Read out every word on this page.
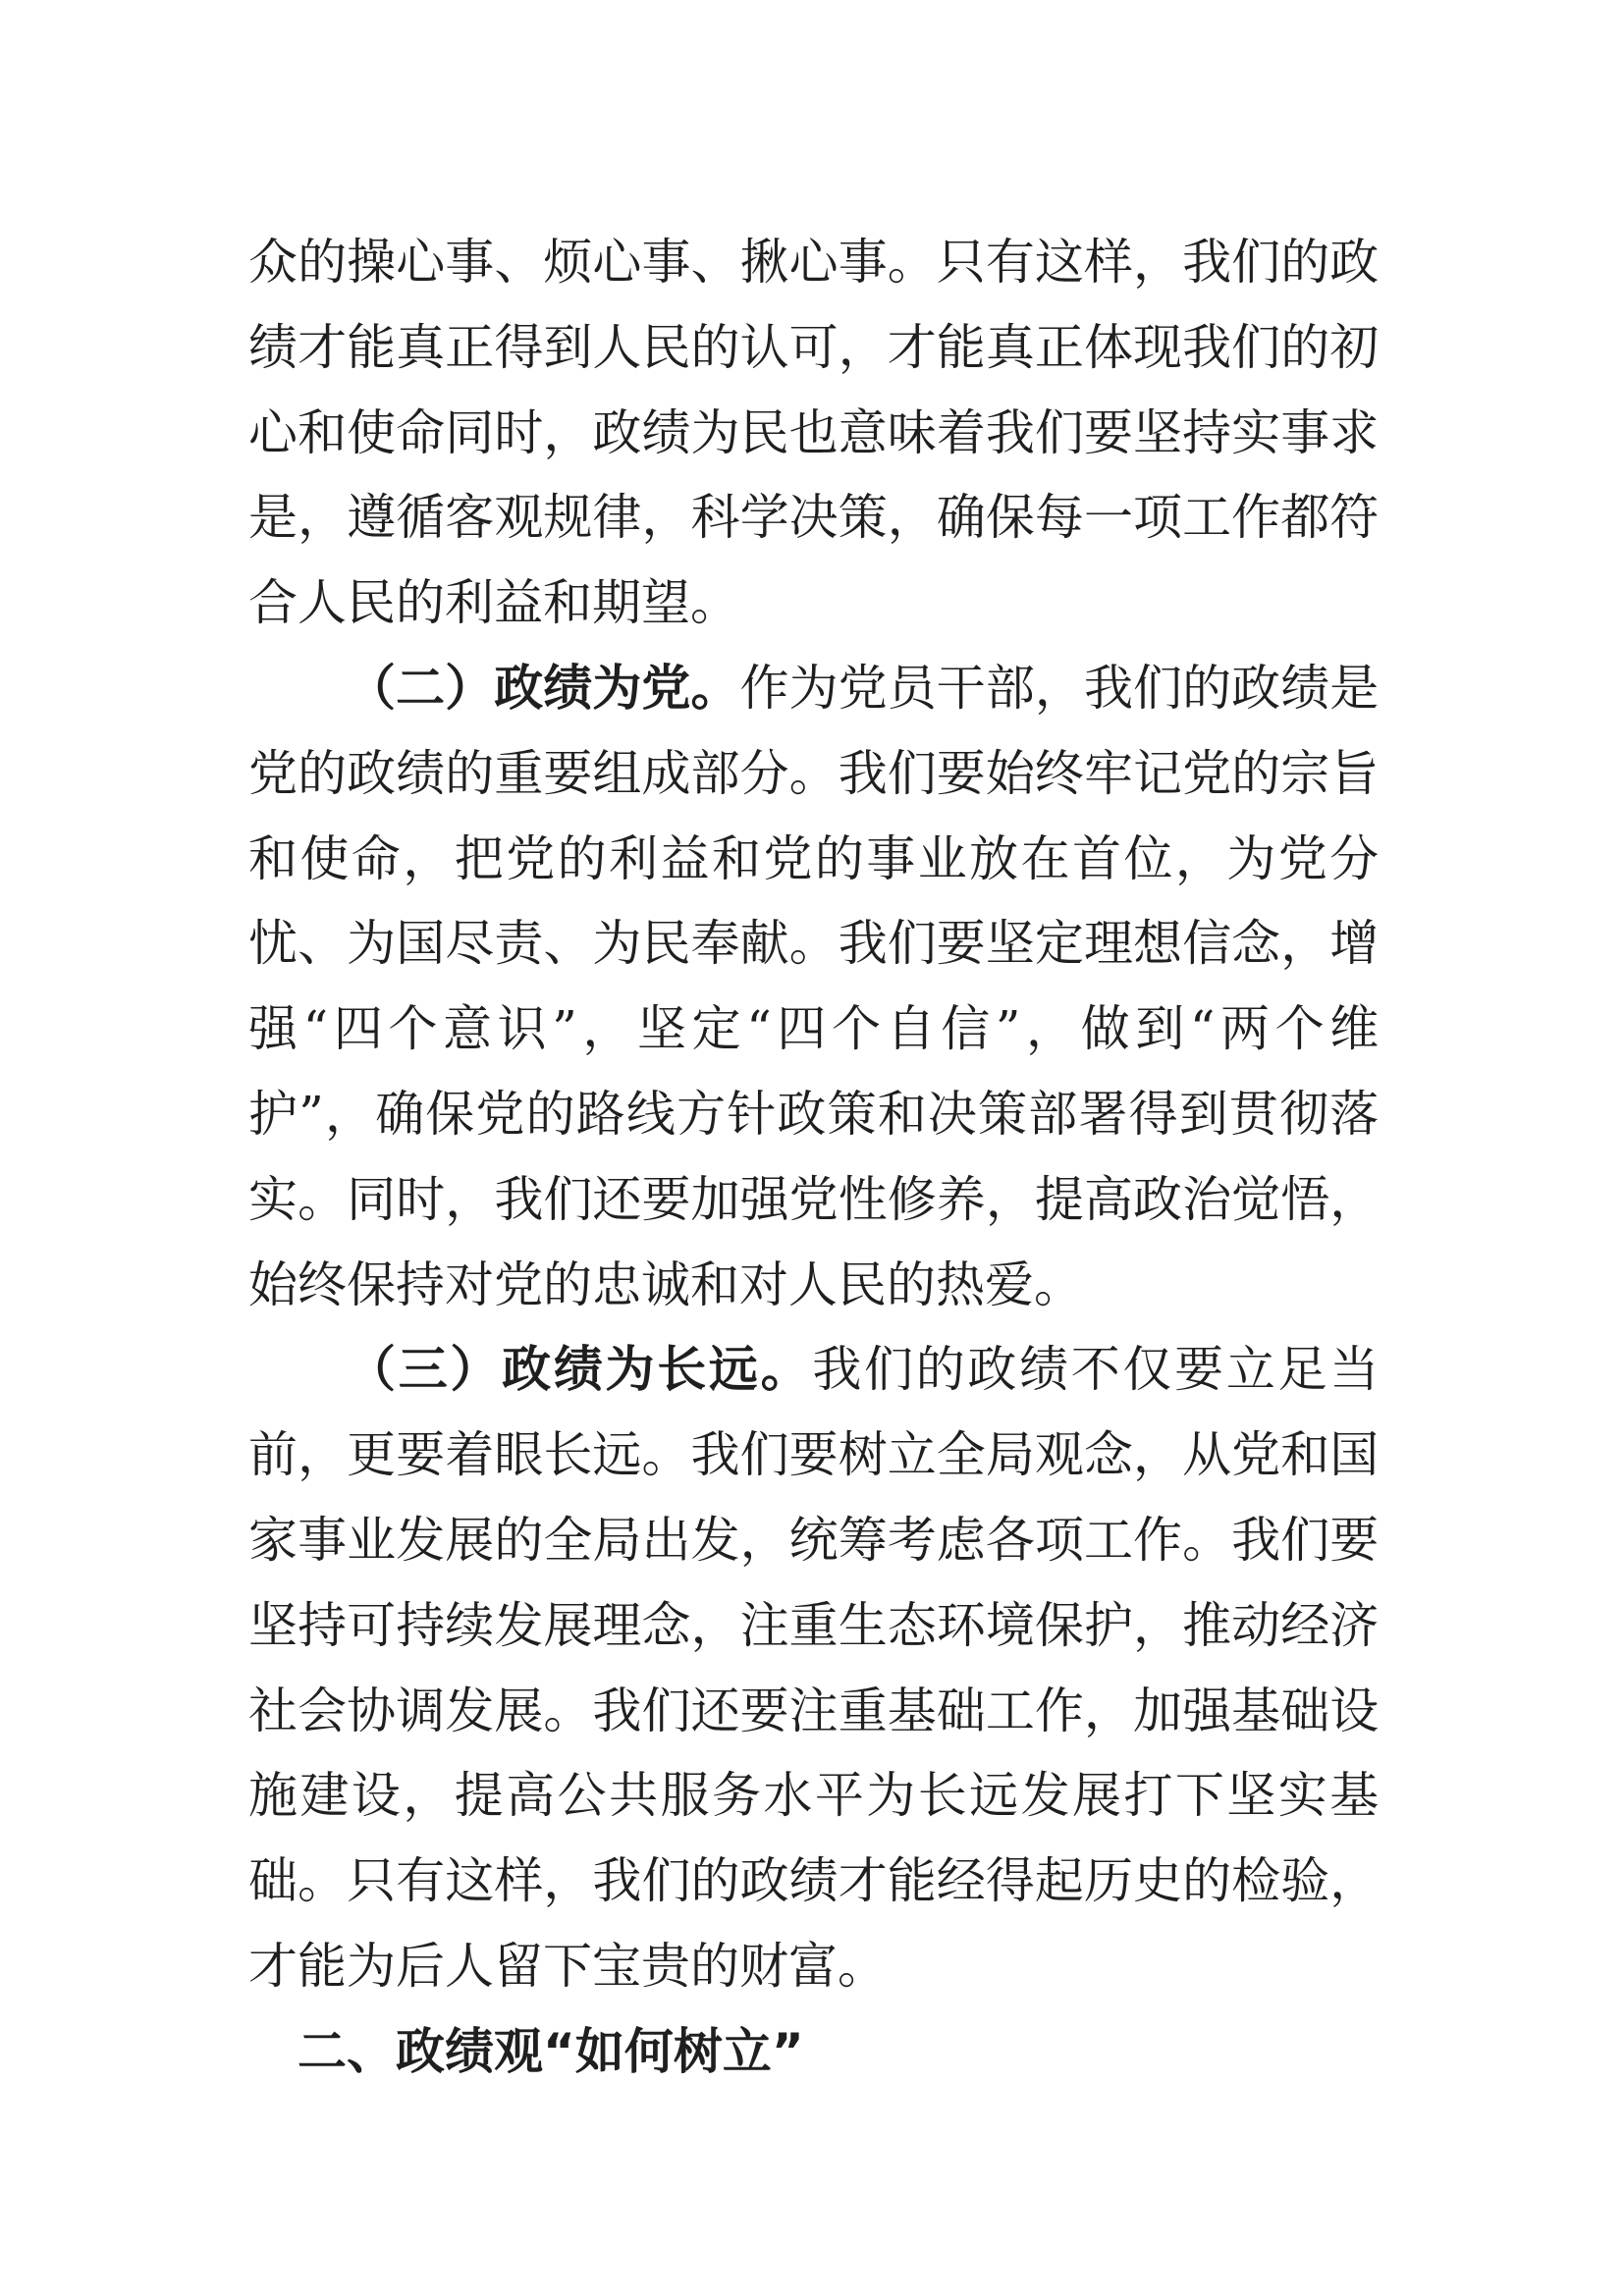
众的操心事、烦心事、揪心事。只有这样，我们的政绩才能真正得到人民的认可，才能真正体现我们的初心和使命同时，政绩为民也意味着我们要坚持实事求是，遵循客观规律，科学决策，确保每一项工作都符合人民的利益和期望。

（二）政绩为党。作为党员干部，我们的政绩是党的政绩的重要组成部分。我们要始终牢记党的宗旨和使命，把党的利益和党的事业放在首位，为党分忧、为国尽责、为民奉献。我们要坚定理想信念，增强“四个意识”，坚定“四个自信”，做到“两个维护”，确保党的路线方针政策和决策部署得到贯彻落实。同时，我们还要加强党性修养，提高政治觉悟，始终保持对党的忠诚和对人民的热爱。

（三）政绩为长远。我们的政绩不仅要立足当前，更要着眼长远。我们要树立全局观念，从党和国家事业发展的全局出发，统筹考虑各项工作。我们要坚持可持续发展理念，注重生态环境保护，推动经济社会协调发展。我们还要注重基础工作，加强基础设施建设，提高公共服务水平为长远发展打下坚实基础。只有这样，我们的政绩才能经得起历史的检验，才能为后人留下宝贵的财富。

二、政绩观“如何树立”
